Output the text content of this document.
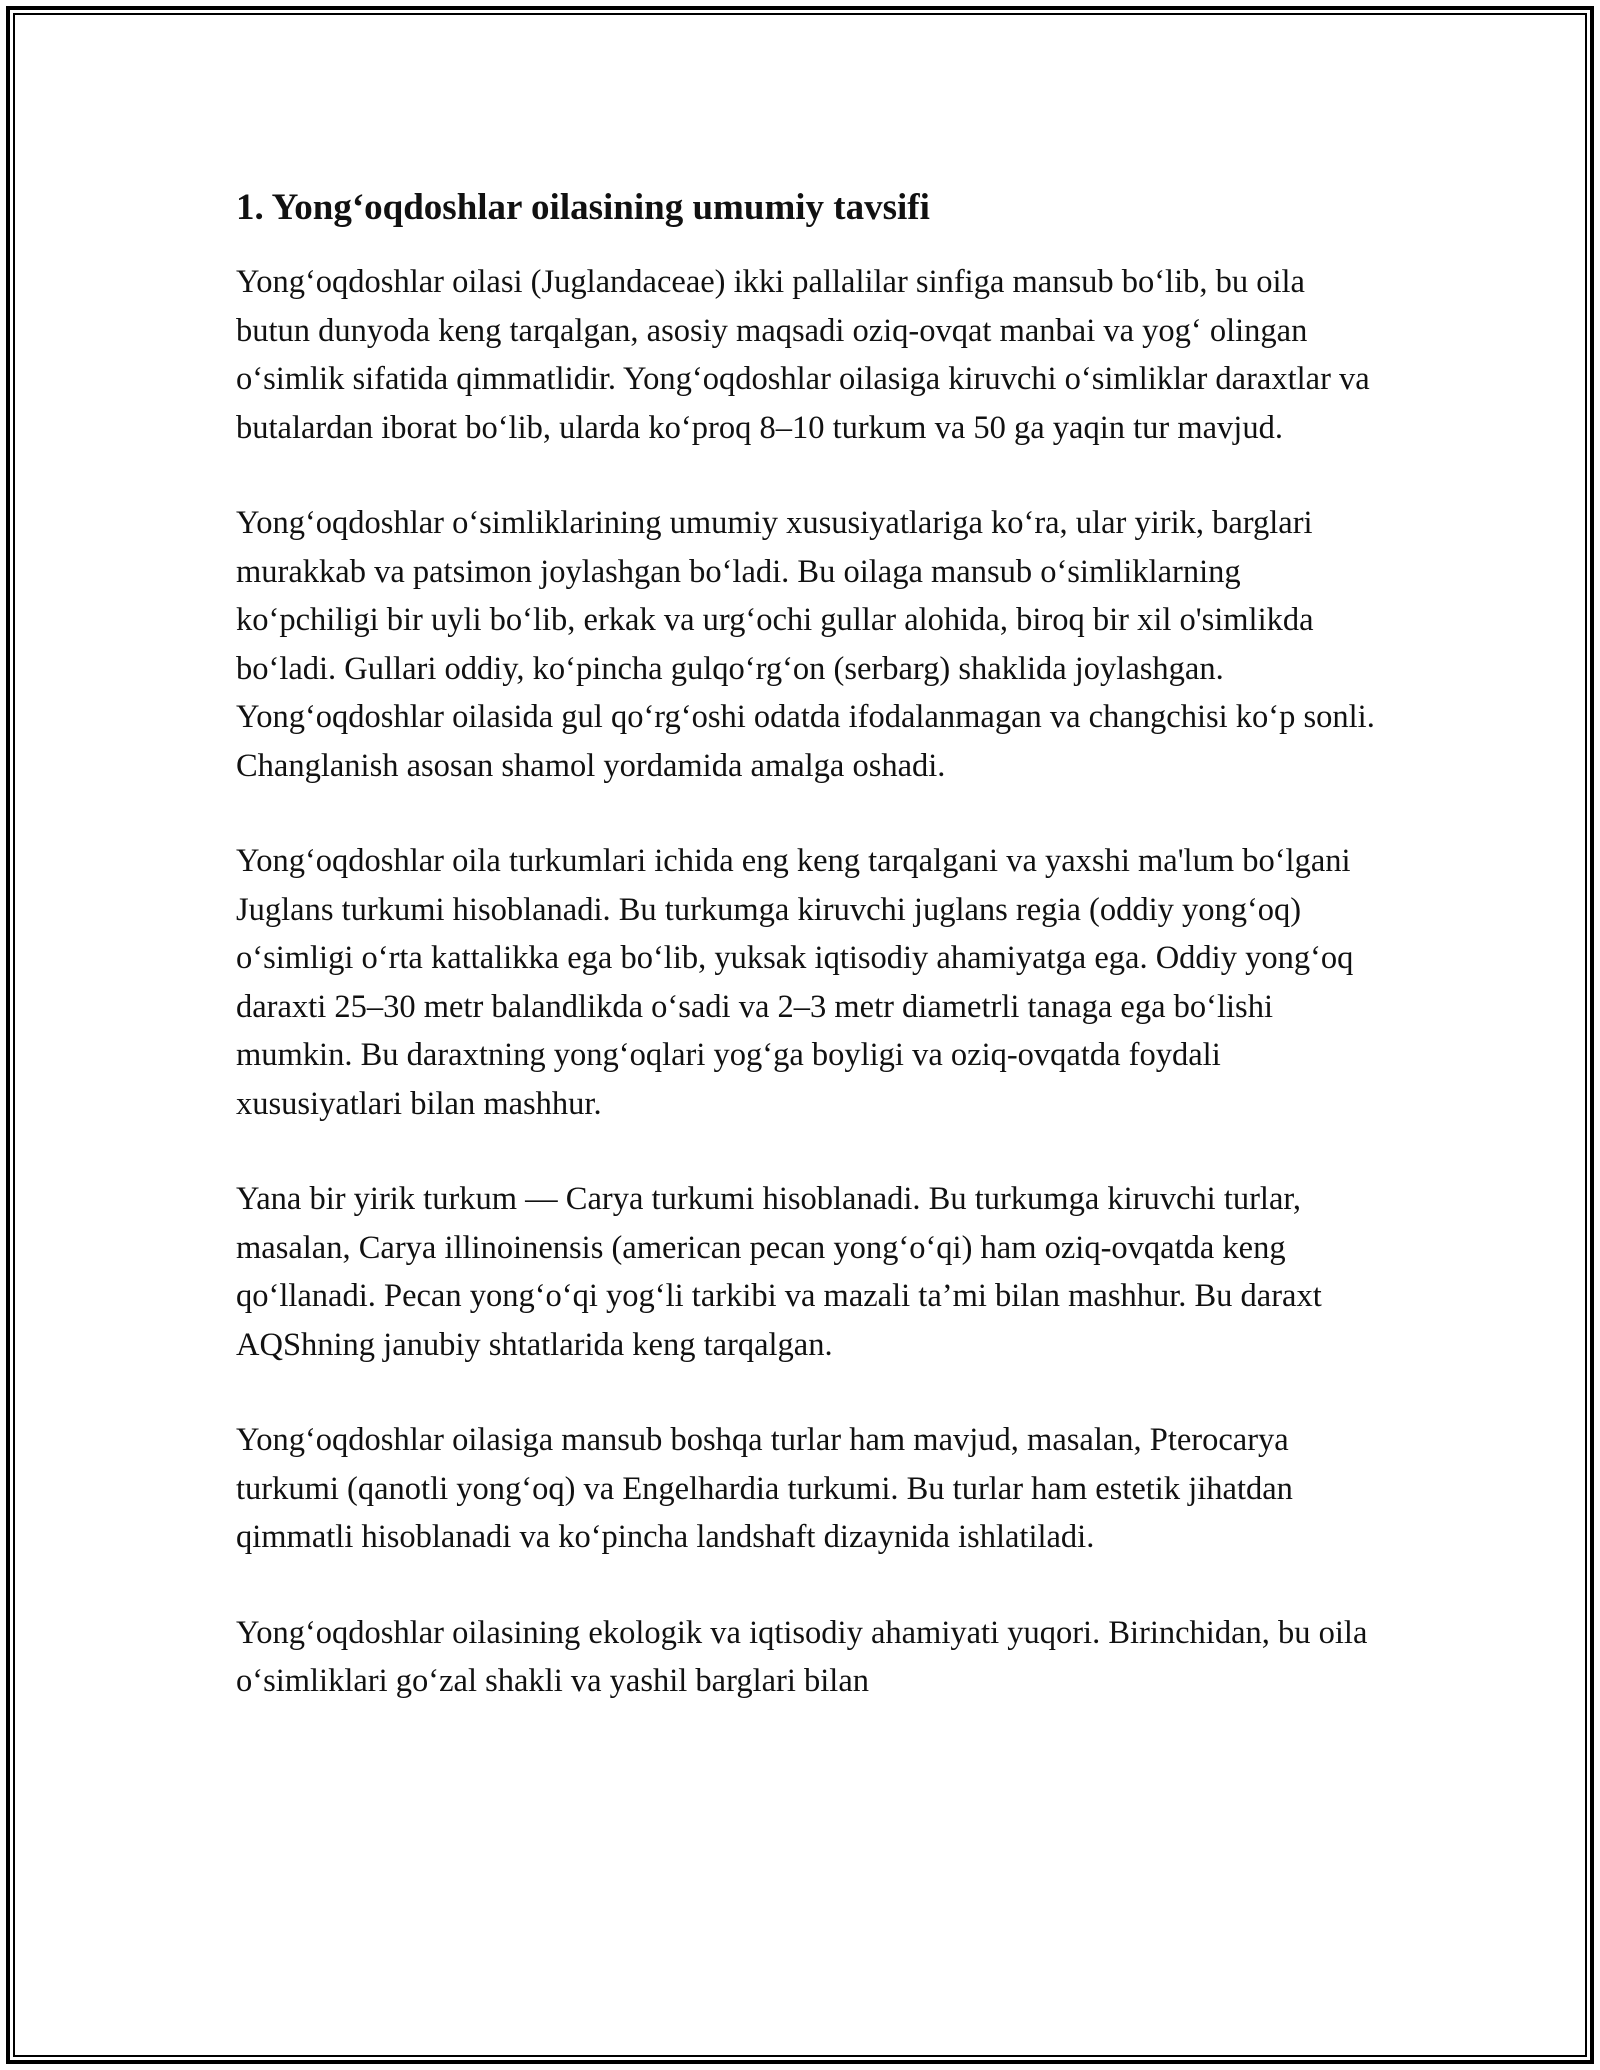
1. Yong‘oqdoshlar oilasining umumiy tavsifi

Yong‘oqdoshlar oilasi (Juglandaceae) ikki pallalilar sinfiga mansub bo‘lib, bu oila butun dunyoda keng tarqalgan, asosiy maqsadi oziq-ovqat manbai va yog‘ olingan o‘simlik sifatida qimmatlidir. Yong‘oqdoshlar oilasiga kiruvchi o‘simliklar daraxtlar va butalardan iborat bo‘lib, ularda ko‘proq 8–10 turkum va 50 ga yaqin tur mavjud.

Yong‘oqdoshlar o‘simliklarining umumiy xususiyatlariga ko‘ra, ular yirik, barglari murakkab va patsimon joylashgan bo‘ladi. Bu oilaga mansub o‘simliklarning ko‘pchiligi bir uyli bo‘lib, erkak va urg‘ochi gullar alohida, biroq bir xil o'simlikda bo‘ladi. Gullari oddiy, ko‘pincha gulqo‘rg‘on (serbarg) shaklida joylashgan. Yong‘oqdoshlar oilasida gul qo‘rg‘oshi odatda ifodalanmagan va changchisi ko‘p sonli. Changlanish asosan shamol yordamida amalga oshadi.

Yong‘oqdoshlar oila turkumlari ichida eng keng tarqalgani va yaxshi ma'lum bo‘lgani Juglans turkumi hisoblanadi. Bu turkumga kiruvchi juglans regia (oddiy yong‘oq) o‘simligi o‘rta kattalikka ega bo‘lib, yuksak iqtisodiy ahamiyatga ega. Oddiy yong‘oq daraxti 25–30 metr balandlikda o‘sadi va 2–3 metr diametrli tanaga ega bo‘lishi mumkin. Bu daraxtning yong‘oqlari yog‘ga boyligi va oziq-ovqatda foydali xususiyatlari bilan mashhur.

Yana bir yirik turkum — Carya turkumi hisoblanadi. Bu turkumga kiruvchi turlar, masalan, Carya illinoinensis (american pecan yong‘o‘qi) ham oziq-ovqatda keng qo‘llanadi. Pecan yong‘o‘qi yog‘li tarkibi va mazali ta’mi bilan mashhur. Bu daraxt AQShning janubiy shtatlarida keng tarqalgan.

Yong‘oqdoshlar oilasiga mansub boshqa turlar ham mavjud, masalan, Pterocarya turkumi (qanotli yong‘oq) va Engelhardia turkumi. Bu turlar ham estetik jihatdan qimmatli hisoblanadi va ko‘pincha landshaft dizaynida ishlatiladi.

Yong‘oqdoshlar oilasining ekologik va iqtisodiy ahamiyati yuqori. Birinchidan, bu oila o‘simliklari go‘zal shakli va yashil barglari bilan
